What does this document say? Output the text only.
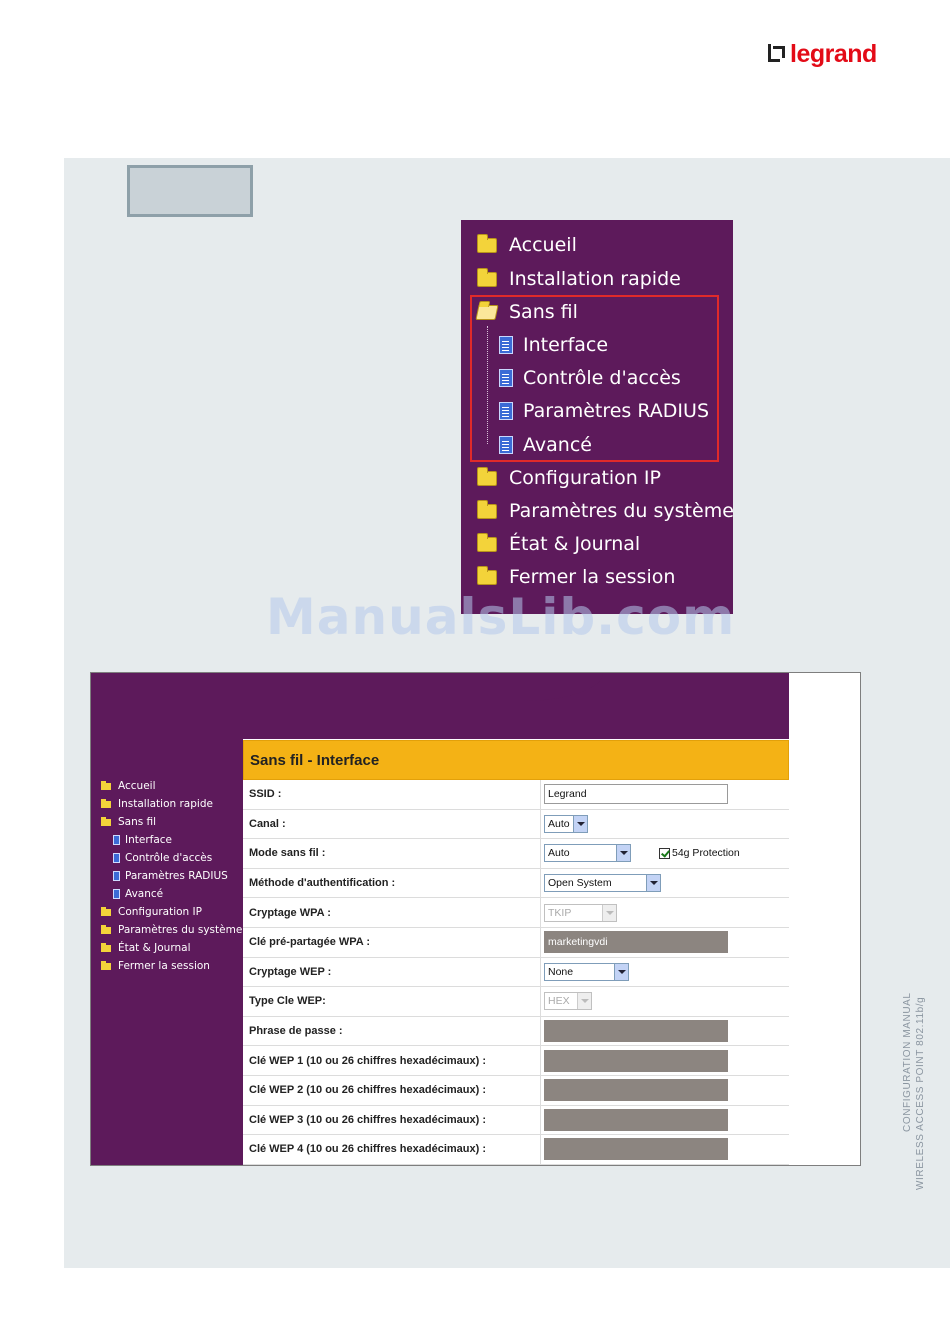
legrand
Accueil
Installation rapide
Sans fil
Interface
Contrôle d'accès
Paramètres RADIUS
Avancé
Configuration IP
Paramètres du système
État & Journal
Fermer la session
ManualsLib.com
Accueil
Installation rapide
Sans fil
Interface
Contrôle d'accès
Paramètres RADIUS
Avancé
Configuration IP
Paramètres du système
État & Journal
Fermer la session
Sans fil - Interface
SSID :	Legrand
Canal :	Auto
Mode sans fil :	Auto	54g Protection
Méthode d'authentification :	Open System
Cryptage WPA :	TKIP
Clé pré-partagée WPA :	marketingvdi
Cryptage WEP :	None
Type Cle WEP:	HEX
Phrase de passe :
Clé WEP 1 (10 ou 26 chiffres hexadécimaux) :
Clé WEP 2 (10 ou 26 chiffres hexadécimaux) :
Clé WEP 3 (10 ou 26 chiffres hexadécimaux) :
Clé WEP 4 (10 ou 26 chiffres hexadécimaux) :
CONFIGURATION MANUAL WIRELESS ACCESS POINT 802.11b/g
